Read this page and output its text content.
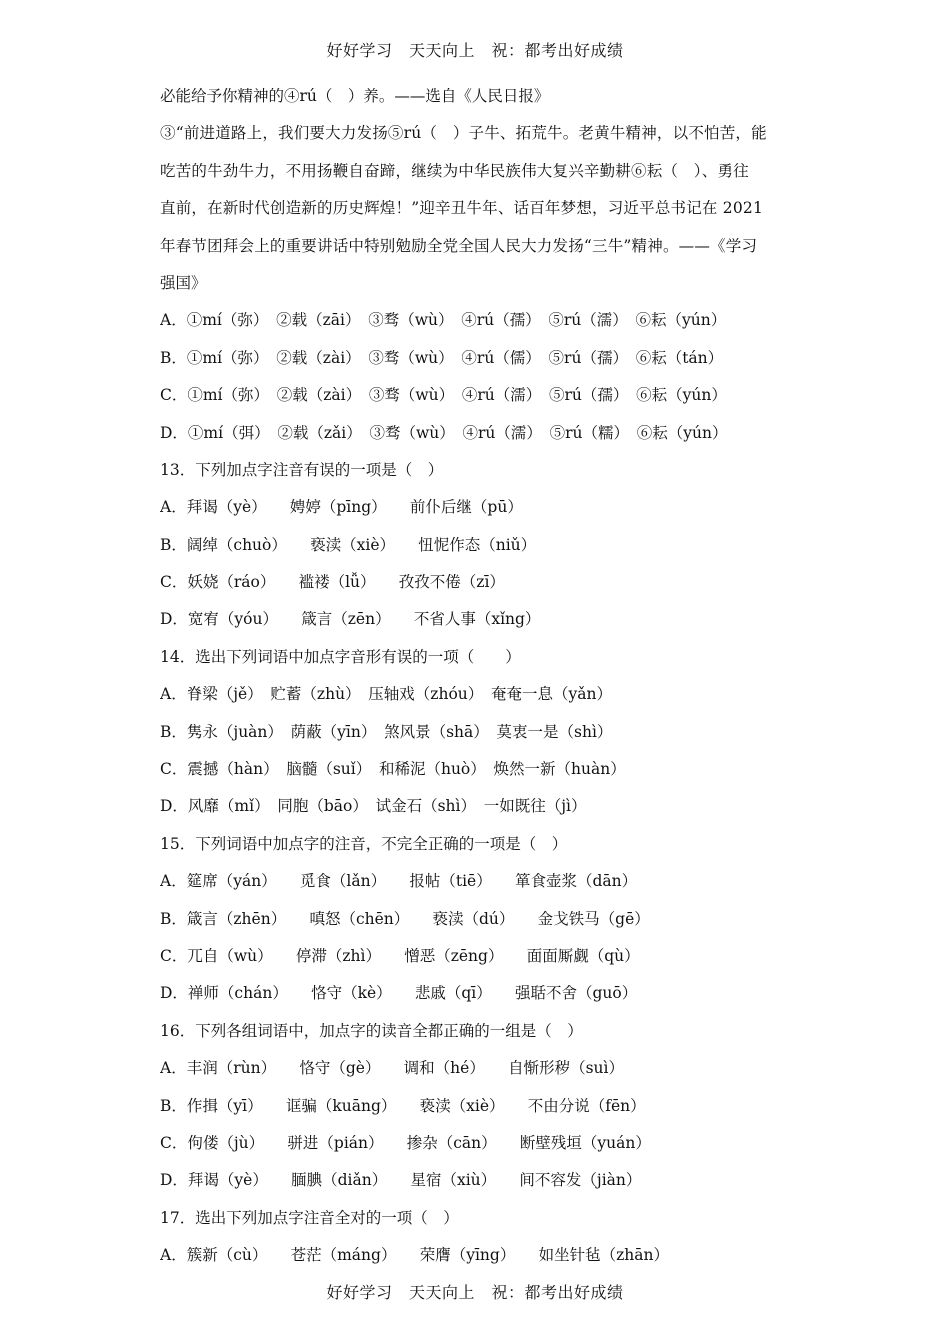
好好学习　天天向上　祝：都考出好成绩
必能给予你精神的④rú（　）养。——选自《人民日报》
③“前进道路上，我们要大力发扬⑤rú（　）子牛、拓荒牛。老黄牛精神，以不怕苦，能
吃苦的牛劲牛力，不用扬鞭自奋蹄，继续为中华民族伟大复兴辛勤耕⑥耘（　）、勇往
直前，在新时代创造新的历史辉煌！”迎辛丑牛年、话百年梦想，习近平总书记在 2021
年春节团拜会上的重要讲话中特别勉励全党全国人民大力发扬“三牛”精神。——《学习
强国》
A．①mí（弥）　②载（zāi）　③骛（wù）　④rú（孺）　⑤rú（濡）　⑥耘（yún）
B．①mí（弥）　②载（zài）　③骛（wù）　④rú（儒）　⑤rú（孺）　⑥耘（tán）
C．①mí（弥）　②载（zài）　③骛（wù）　④rú（濡）　⑤rú（孺）　⑥耘（yún）
D．①mí（弭）　②载（zǎi）　③骛（wù）　④rú（濡）　⑤rú（糯）　⑥耘（yún）
13．下列加点字注音有误的一项是（　）
A．拜谒（yè）　　娉婷（pīng）　　前仆后继（pū）
B．阔绰（chuò）　　亵渎（xiè）　　忸怩作态（niǔ）
C．妖娆（ráo）　　褴褛（lǚ）　　孜孜不倦（zī）
D．宽宥（yóu）　　箴言（zēn）　　不省人事（xǐng）
14．选出下列词语中加点字音形有误的一项（　　）
A．脊梁（jě）　贮蓄（zhù）　压轴戏（zhóu）　奄奄一息（yǎn）
B．隽永（juàn）　荫蔽（yīn）　煞风景（shā）　莫衷一是（shì）
C．震撼（hàn）　脑髓（suǐ）　和稀泥（huò）　焕然一新（huàn）
D．风靡（mǐ）　同胞（bāo）　试金石（shì）　一如既往（jì）
15．下列词语中加点字的注音，不完全正确的一项是（　）
A．筵席（yán）　　觅食（lǎn）　　报帖（tiē）　　箪食壶浆（dān）
B．箴言（zhēn）　　嗔怒（chēn）　　亵渎（dú）　　金戈铁马（gē）
C．兀自（wù）　　停滞（zhì）　　憎恶（zēng）　　面面厮觑（qù）
D．禅师（chán）　　恪守（kè）　　悲戚（qī）　　强聒不舍（guō）
16．下列各组词语中，加点字的读音全都正确的一组是（　）
A．丰润（rùn）　　恪守（gè）　　调和（hé）　　自惭形秽（suì）
B．作揖（yī）　　诓骗（kuāng）　　亵渎（xiè）　　不由分说（fēn）
C．佝偻（jù）　　骈进（pián）　　掺杂（cān）　　断壁残垣（yuán）
D．拜谒（yè）　　腼腆（diǎn）　　星宿（xiù）　　间不容发（jiàn）
17．选出下列加点字注音全对的一项（　）
A．簇新（cù）　　苍茫（máng）　　荣膺（yīng）　　如坐针毡（zhān）
好好学习　天天向上　祝：都考出好成绩
